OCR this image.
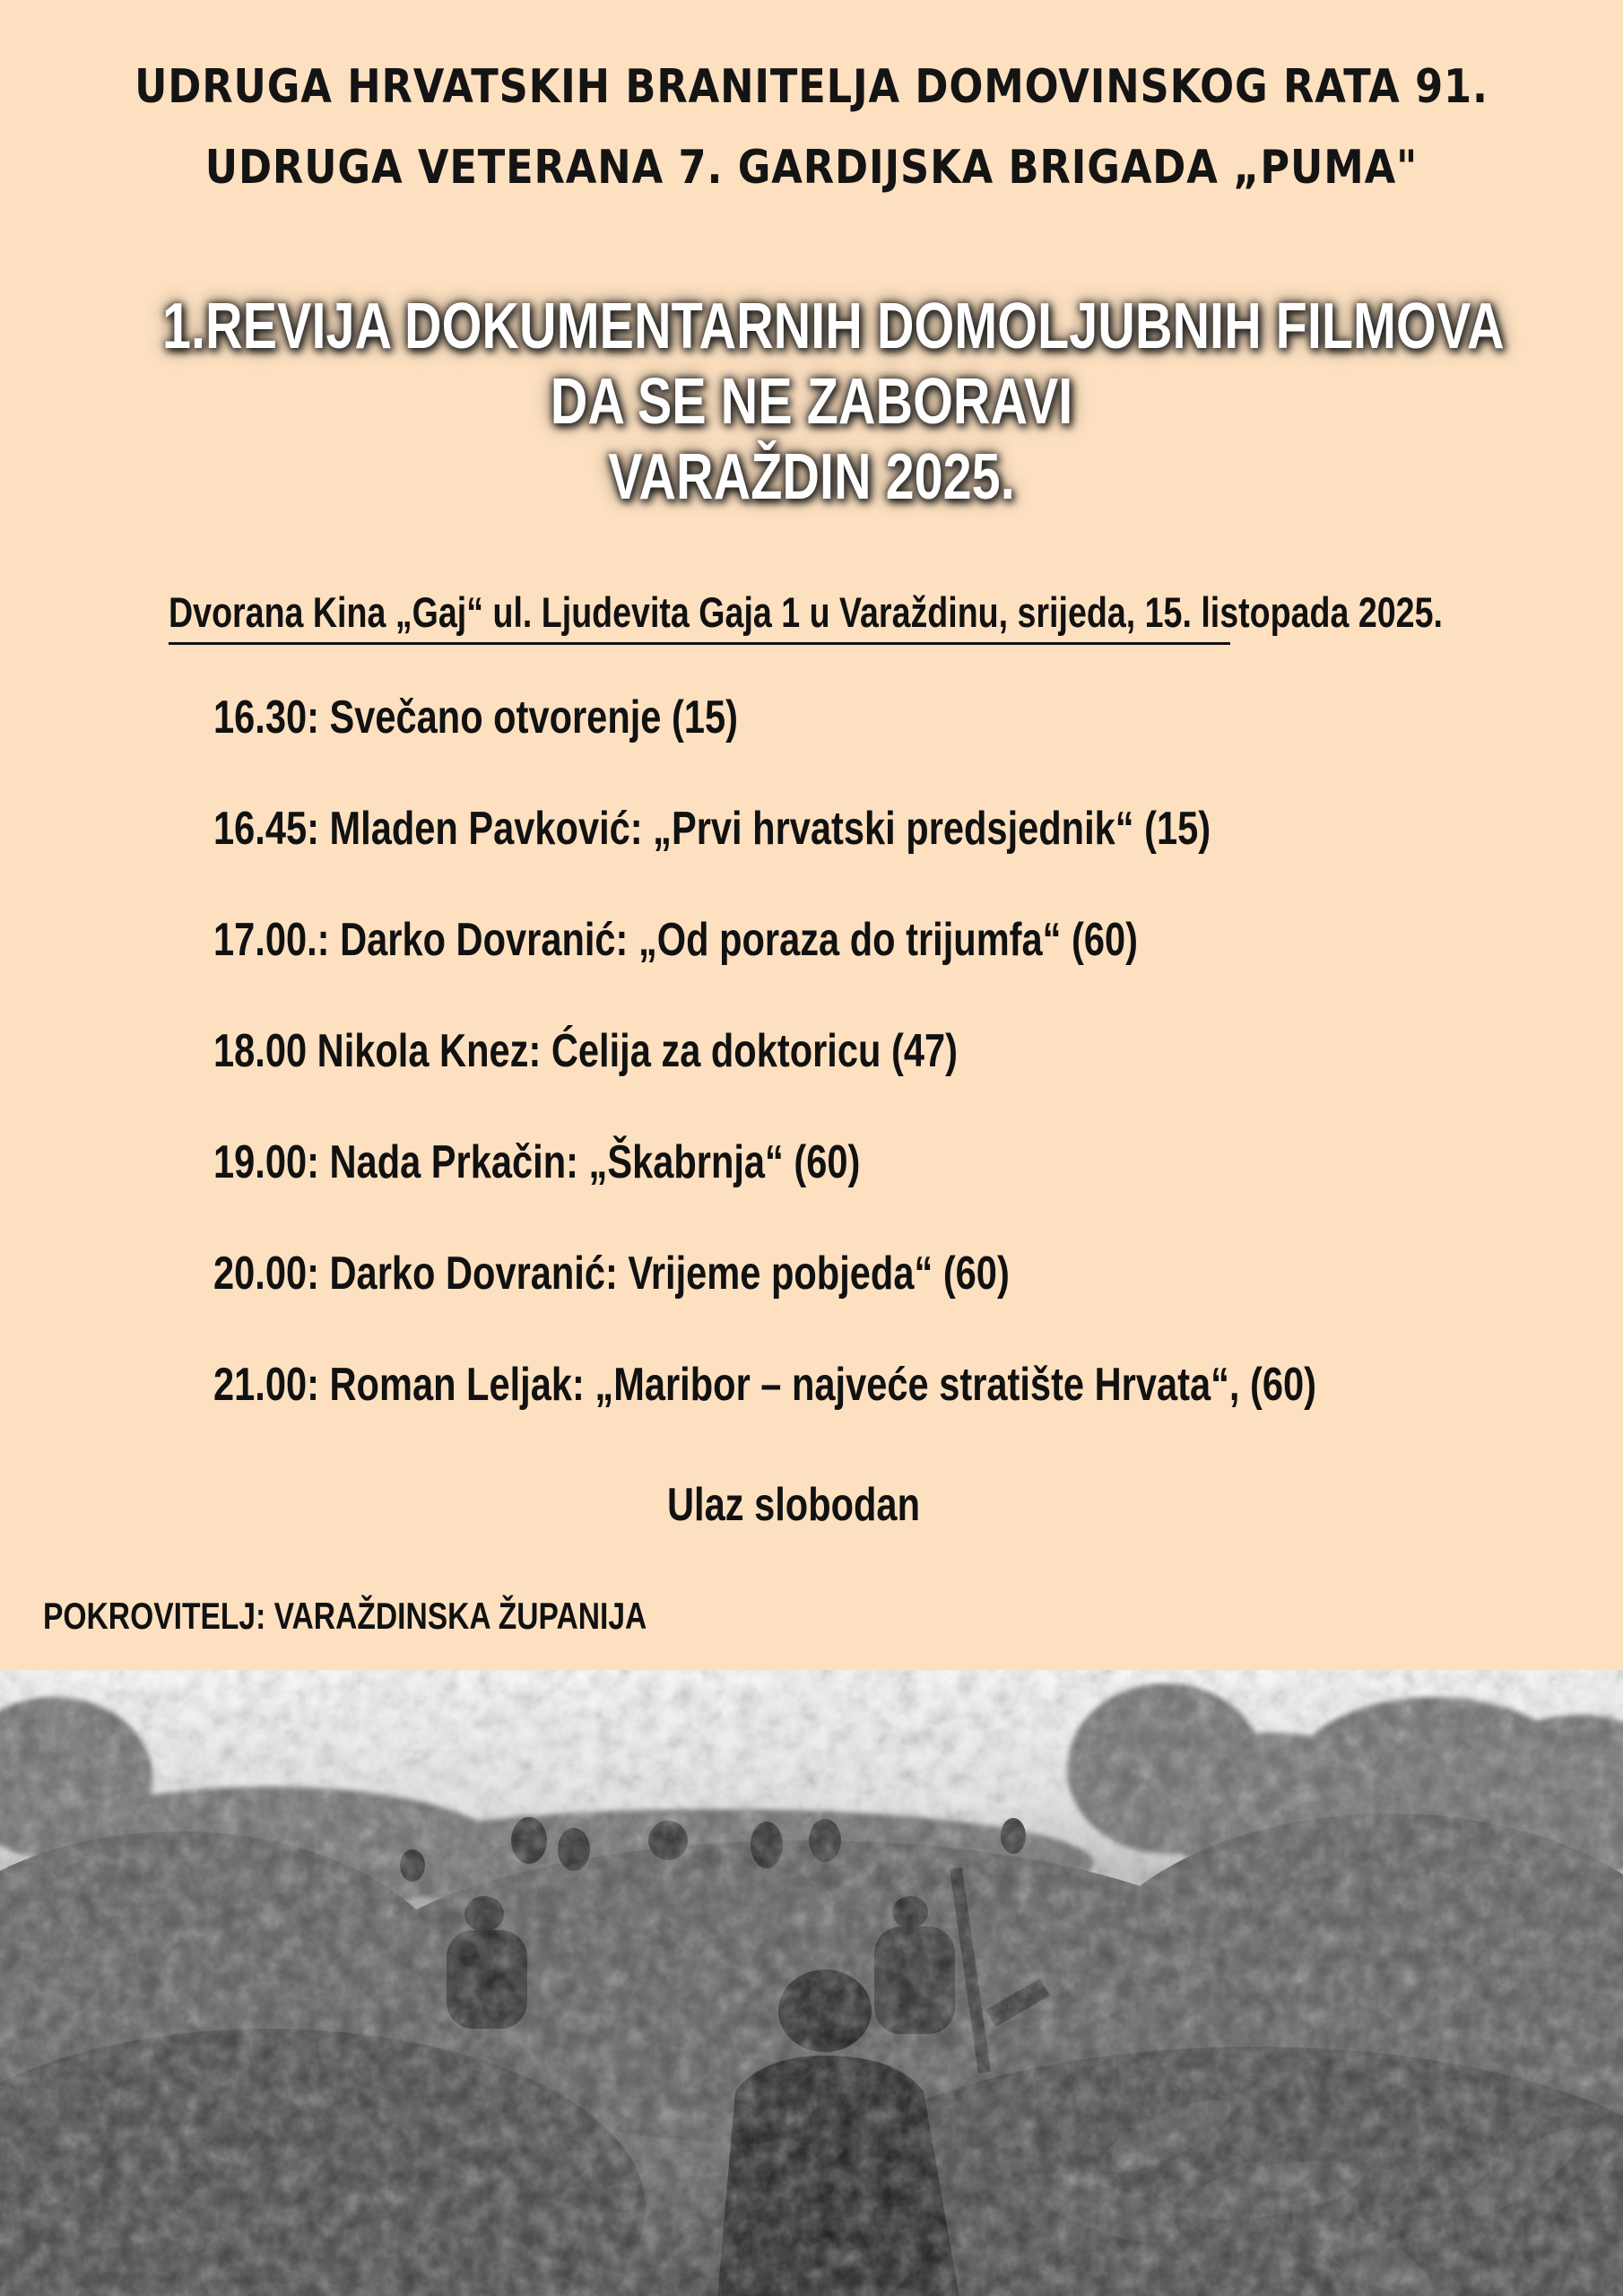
UDRUGA HRVATSKIH BRANITELJA DOMOVINSKOG RATA 91.
UDRUGA VETERANA 7. GARDIJSKA BRIGADA „PUMA"
1.REVIJA DOKUMENTARNIH DOMOLJUBNIH FILMOVA
DA SE NE ZABORAVI
VARAŽDIN 2025.
Dvorana Kina „Gaj“ ul. Ljudevita Gaja 1 u Varaždinu, srijeda, 15. listopada 2025.
16.30: Svečano otvorenje (15)
16.45: Mladen Pavković: „Prvi hrvatski predsjednik“ (15)
17.00.: Darko Dovranić: „Od poraza do trijumfa“ (60)
18.00 Nikola Knez: Ćelija za doktoricu (47)
19.00: Nada Prkačin: „Škabrnja“ (60)
20.00: Darko Dovranić: Vrijeme pobjeda“ (60)
21.00: Roman Leljak: „Maribor – najveće stratište Hrvata“, (60)
Ulaz slobodan
POKROVITELJ: VARAŽDINSKA ŽUPANIJA
